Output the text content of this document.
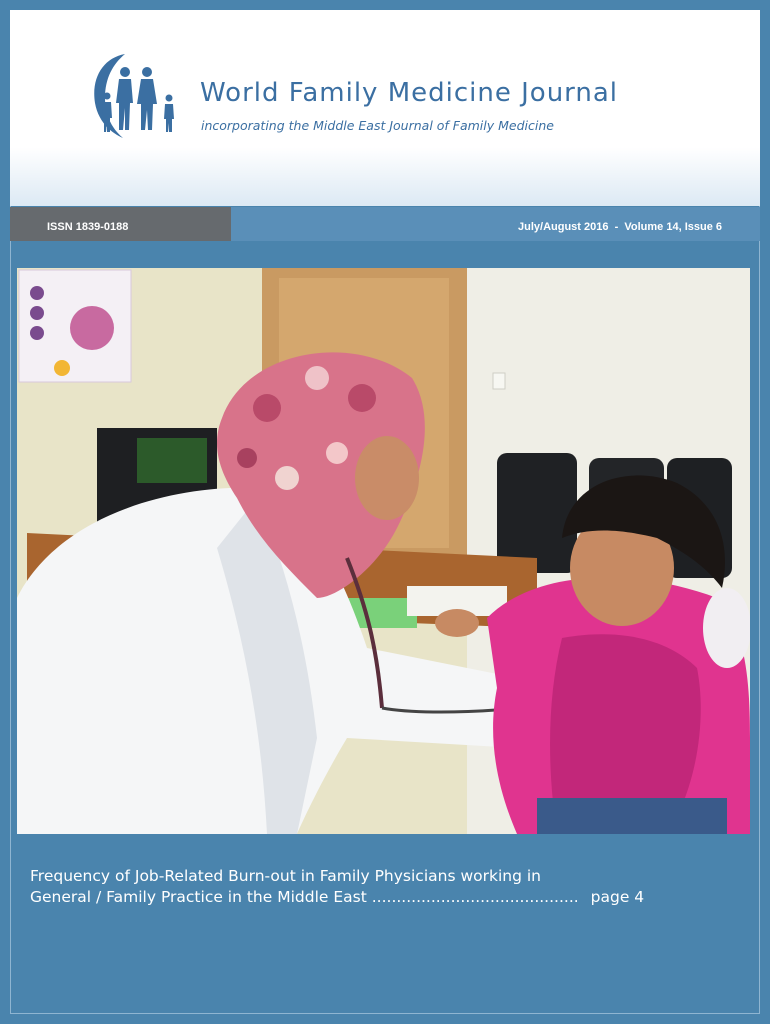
World Family Medicine Journal
incorporating the Middle East Journal of Family Medicine
ISSN 1839-0188	July/August 2016  -  Volume 14, Issue 6
Frequency of Job-Related Burn-out in Family Physicians working in
General / Family Practice in the Middle East .......................................... page 4
